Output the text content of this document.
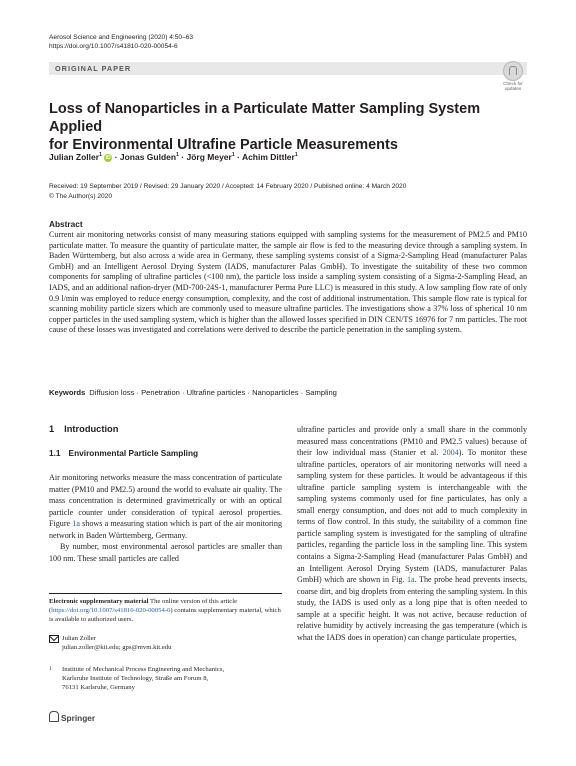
Aerosol Science and Engineering (2020) 4:50–63
https://doi.org/10.1007/s41810-020-00054-6
ORIGINAL PAPER
Check for
updates
Loss of Nanoparticles in a Particulate Matter Sampling System Applied
for Environmental Ultrafine Particle Measurements
Julian Zoller$^1$ iD · Jonas Gulden$^1$ · Jörg Meyer$^1$ · Achim Dittler$^1$
Received: 19 September 2019 / Revised: 29 January 2020 / Accepted: 14 February 2020 / Published online: 4 March 2020
© The Author(s) 2020
Abstract
Current air monitoring networks consist of many measuring stations equipped with sampling systems for the measurement of PM2.5 and PM10 particulate matter. To measure the quantity of particulate matter, the sample air flow is fed to the measuring device through a sampling system. In Baden Württemberg, but also across a wide area in Germany, these sampling systems consist of a Sigma-2-Sampling Head (manufacturer Palas GmbH) and an Intelligent Aerosol Drying System (IADS, manufacturer Palas GmbH). To investigate the suitability of these two common components for sampling of ultrafine particles (<100 nm), the particle loss inside a sampling system consisting of a Sigma-2-Sampling Head, an IADS, and an additional nafion-dryer (MD-700-24S-1, manufacturer Perma Pure LLC) is measured in this study. A low sampling flow rate of only 0.9 l/min was employed to reduce energy consumption, complexity, and the cost of additional instrumentation. This sample flow rate is typical for scanning mobility particle sizers which are commonly used to measure ultrafine particles. The investigations show a 37% loss of spherical 10 nm copper particles in the used sampling system, which is higher than the allowed losses specified in DIN CEN/TS 16976 for 7 nm particles. The root cause of these losses was investigated and correlations were derived to describe the particle penetration in the sampling system.
Keywords Diffusion loss · Penetration · Ultrafine particles · Nanoparticles · Sampling
1 Introduction
1.1 Environmental Particle Sampling

Air monitoring networks measure the mass concentration of particulate matter (PM10 and PM2.5) around the world to evaluate air quality. The mass concentration is determined gravimetrically or with an optical particle counter under consideration of typical aerosol properties. Figure 1a shows a measuring station which is part of the air monitoring network in Baden Württemberg, Germany.

By number, most environmental aerosol particles are smaller than 100 nm. These small particles are called

ultrafine particles and provide only a small share in the commonly measured mass concentrations (PM10 and PM2.5 values) because of their low individual mass (Stanier et al. 2004). To monitor these ultrafine particles, operators of air monitoring networks will need a sampling system for these particles. It would be advantageous if this ultrafine particle sampling system is interchangeable with the sampling systems commonly used for fine particulates, has only a small energy consumption, and does not add to much complexity in terms of flow control. In this study, the suitability of a common fine particle sampling system is investigated for the sampling of ultrafine particles, regarding the particle loss in the sampling line. This system contains a Sigma-2-Sampling Head (manufacturer Palas GmbH) and an Intelligent Aerosol Drying System (IADS, manufacturer Palas GmbH) which are shown in Fig. 1a. The probe head prevents insects, coarse dirt, and big droplets from entering the sampling system. In this study, the IADS is used only as a long pipe that is often needed to sample at a specific height. It was not active, because reduction of relative humidity by actively increasing the gas temperature (which is what the IADS does in operation) can change particulate properties,

Electronic supplementary material The online version of this article (https://doi.org/10.1007/s41810-020-00054-6) contains supplementary material, which is available to authorized users.
Julian Zoller
julian.zoller@kit.edu; gps@mvm.kit.edu
1 Institute of Mechanical Process Engineering and Mechanics,
Karlsruhe Institute of Technology, Straße am Forum 8,
76131 Karlsruhe, Germany
Springer
